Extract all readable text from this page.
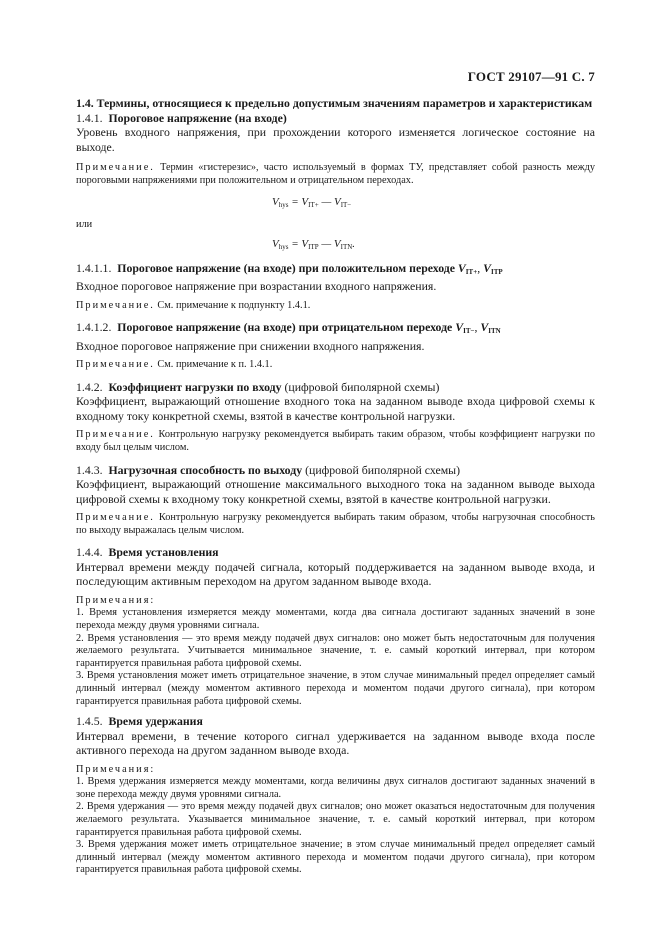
ГОСТ 29107—91 С. 7

1.4. Термины, относящиеся к предельно допустимым значениям параметров и характеристикам

1.4.1. Пороговое напряжение (на входе)

Уровень входного напряжения, при прохождении которого изменяется логическое состояние на выходе.

Примечание. Термин «гистерезис», часто используемый в формах ТУ, представляет собой разность между пороговыми напряжениями при положительном и отрицательном переходах.

$V_{hys} = V_{IT+}$ — $V_{IT-}$

или

$V_{hys} = V_{ITP}$ — $V_{ITN}$.

1.4.1.1. Пороговое напряжение (на входе) при положительном переходе $V_{IT+}$, $V_{ITP}$

Входное пороговое напряжение при возрастании входного напряжения.

Примечание. См. примечание к подпункту 1.4.1.

1.4.1.2. Пороговое напряжение (на входе) при отрицательном переходе $V_{IT-}$, $V_{ITN}$

Входное пороговое напряжение при снижении входного напряжения.

Примечание. См. примечание к п. 1.4.1.

1.4.2. Коэффициент нагрузки по входу (цифровой биполярной схемы)

Коэффициент, выражающий отношение входного тока на заданном выводе входа цифровой схемы к входному току конкретной схемы, взятой в качестве контрольной нагрузки.

Примечание. Контрольную нагрузку рекомендуется выбирать таким образом, чтобы коэффициент нагрузки по входу был целым числом.

1.4.3. Нагрузочная способность по выходу (цифровой биполярной схемы)

Коэффициент, выражающий отношение максимального выходного тока на заданном выводе выхода цифровой схемы к входному току конкретной схемы, взятой в качестве контрольной нагрузки.

Примечание. Контрольную нагрузку рекомендуется выбирать таким образом, чтобы нагрузочная способность по выходу выражалась целым числом.

1.4.4. Время установления

Интервал времени между подачей сигнала, который поддерживается на заданном выводе входа, и последующим активным переходом на другом заданном выводе входа.

Примечания:

1. Время установления измеряется между моментами, когда два сигнала достигают заданных значений в зоне перехода между двумя уровнями сигнала.

2. Время установления — это время между подачей двух сигналов: оно может быть недостаточным для получения желаемого результата. Учитывается минимальное значение, т. е. самый короткий интервал, при котором гарантируется правильная работа цифровой схемы.

3. Время установления может иметь отрицательное значение, в этом случае минимальный предел определяет самый длинный интервал (между моментом активного перехода и моментом подачи другого сигнала), при котором гарантируется правильная работа цифровой схемы.

1.4.5. Время удержания

Интервал времени, в течение которого сигнал удерживается на заданном выводе входа после активного перехода на другом заданном выводе входа.

Примечания:

1. Время удержания измеряется между моментами, когда величины двух сигналов достигают заданных значений в зоне перехода между двумя уровнями сигнала.

2. Время удержания — это время между подачей двух сигналов; оно может оказаться недостаточным для получения желаемого результата. Указывается минимальное значение, т. е. самый короткий интервал, при котором гарантируется правильная работа цифровой схемы.

3. Время удержания может иметь отрицательное значение; в этом случае минимальный предел определяет самый длинный интервал (между моментом активного перехода и моментом подачи другого сигнала), при котором гарантируется правильная работа цифровой схемы.
